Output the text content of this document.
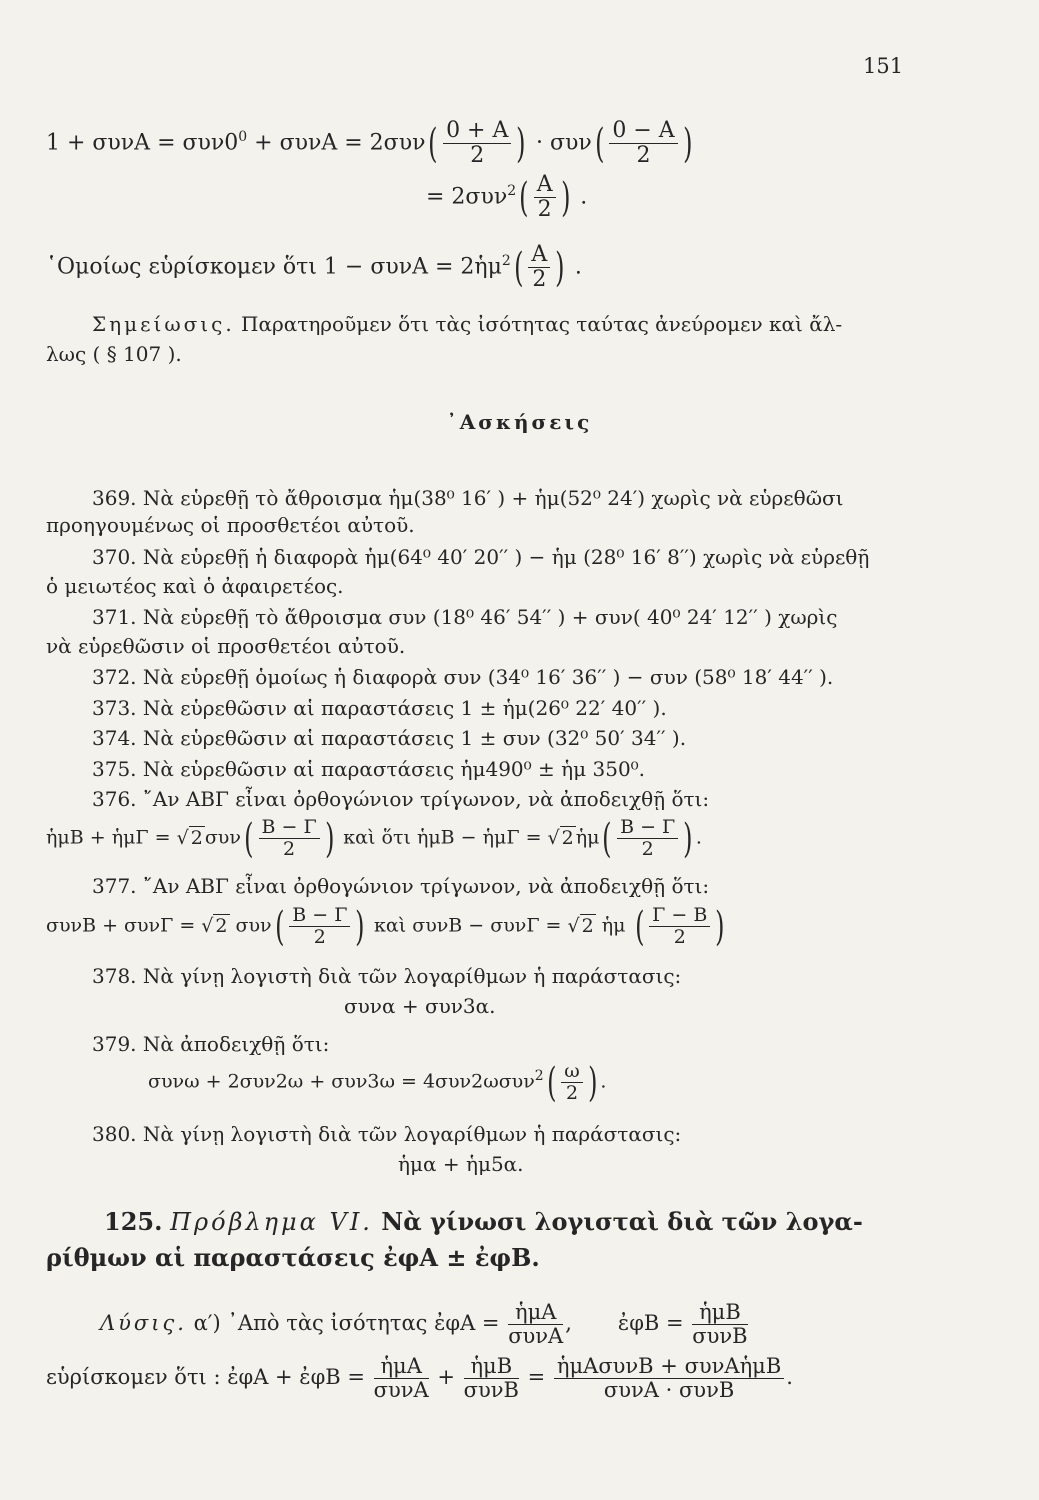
151
$1 + \sigma\upsilon\nu A = \sigma\upsilon\nu 0^0 + \sigma\upsilon\nu A = 2\sigma\upsilon\nu( \frac{0 + A}{2}$ ) · $\sigma\upsilon\nu( \frac{0 - A}{2}$ )
= $2\sigma\upsilon\nu^2( \frac{A}{2}$ ) .
῾Ομοίως εὑρίσκομεν ὅτι 1 − συνA = 2ἡμ$^2$( $\frac{A}{2}$ ) .
Σημείωσις. Παρατηροῦμεν ὅτι τὰς ἰσότητας ταύτας ἀνεύρομεν καὶ ἄλ-
λως ( § 107 ).
᾿Ασκήσεις
369. Νὰ εὑρεθῇ τὸ ἄθροισμα ἡμ(38⁰ 16′ ) + ἡμ(52⁰ 24′) χωρὶς νὰ εὑρεθῶσι
προηγουμένως οἱ προσθετέοι αὐτοῦ.
370. Νὰ εὑρεθῇ ἡ διαφορὰ ἡμ(64⁰ 40′ 20′′ ) − ἡμ (28⁰ 16′ 8′′) χωρὶς νὰ εὑρεθῇ
ὁ μειωτέος καὶ ὁ ἀφαιρετέος.
371. Νὰ εὑρεθῇ τὸ ἄθροισμα συν (18⁰ 46′ 54′′ ) + συν( 40⁰ 24′ 12′′ ) χωρὶς
νὰ εὑρεθῶσιν οἱ προσθετέοι αὐτοῦ.
372. Νὰ εὑρεθῇ ὁμοίως ἡ διαφορὰ συν (34⁰ 16′ 36′′ ) − συν (58⁰ 18′ 44′′ ).
373. Νὰ εὑρεθῶσιν αἱ παραστάσεις 1 ± ἡμ(26⁰ 22′ 40′′ ).
374. Νὰ εὑρεθῶσιν αἱ παραστάσεις 1 ± συν (32⁰ 50′ 34′′ ).
375. Νὰ εὑρεθῶσιν αἱ παραστάσεις ἡμ490⁰ ± ἡμ 350⁰.
376. ῎Αν ΑΒΓ εἶναι ὀρθογώνιον τρίγωνον, νὰ ἀποδειχθῇ ὅτι:
ἡμB + ἡμΓ = √ 2 $\sigma\upsilon\nu( \frac{B - \Gamma}{2}$ ) καὶ ὅτι ἡμB − ἡμΓ = √ 2 ἡμ( $\frac{B - \Gamma}{2}$ ) .
377. ῎Αν ΑΒΓ εἶναι ὀρθογώνιον τρίγωνον, νὰ ἀποδειχθῇ ὅτι:
συνB + συνΓ = √ 2 $\sigma\upsilon\nu( \frac{B - \Gamma}{2}$ ) καὶ συνB − συνΓ = √ 2 ἡμ ( $\frac{\Gamma - B}{2}$ )
378. Νὰ γίνῃ λογιστὴ διὰ τῶν λογαρίθμων ἡ παράστασις:
συνα + συν3α.
379. Νὰ ἀποδειχθῇ ὅτι:
$\sigma\upsilon\nu\omega + 2\sigma\upsilon\nu 2\omega + \sigma\upsilon\nu 3\omega = 4\sigma\upsilon\nu 2\omega\sigma\upsilon\nu^2( \frac{\omega}{2}$ ) .
380. Νὰ γίνῃ λογιστὴ διὰ τῶν λογαρίθμων ἡ παράστασις:
ἡμα + ἡμ5α.
125. Πρόβλημα VI. Νὰ γίνωσι λογισταὶ διὰ τῶν λογα-
ρίθμων αἱ παραστάσεις ἐφA ± ἐφB.
Λύσις. α′) ᾿Απὸ τὰς ἰσότητας ἐφA = ἡμA
συνA
, ἐφB = ἡμB
συνB
εὑρίσκομεν ὅτι : ἐφA + ἐφB = ἡμA
συνA
+ ἡμB
συνB
= ἡμAσυνB + συνAἡμB
συνA · συνB
.
